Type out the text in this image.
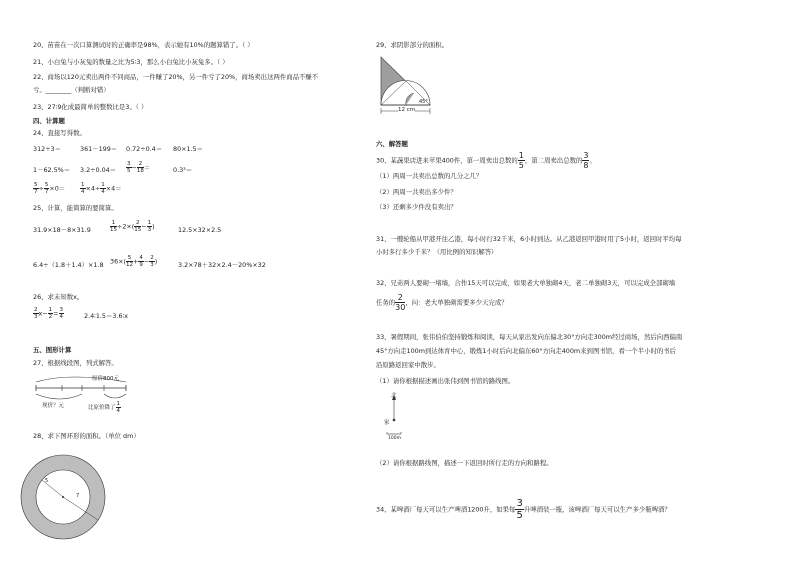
20、苗苗在一次口算测试时的正确率是98%，表示她有10%的题算错了。（ ）
21、小白兔与小灰兔的数量之比为5∶3，那么小白兔比小灰兔多。（ ）
22、商场以120元卖出两件不同商品，一件赚了20%，另一件亏了20%，商场卖出这两件商品不赚不
亏。________（判断对错）
23、27∶9化成最简单的整数比是3。（ ）
四、计算题
24、直接写得数。
312÷3＝	361－199＝ 0.72÷0.4＝ 80×1.5＝
$1-62.5\%= 3.2\div 0.04= \frac{3}{5} - \frac{2}{18}$ ＝	0.3³＝
$\frac{5}{7} \div \frac{5}{7} \times 0=$	$\frac{1}{4} \times 4\div \frac{1}{4} \times 4=$
25、计算，能简算的要简算。
31.9×18－8×31.9	$\frac{1}{15} \div 2\times( \frac{2}{15} - \frac{1}{3}$ )	12.5×32×2.5
6.4÷（1.8＋1.4）×1.8 $36\times( \frac{5}{12} + \frac{4}{9} - \frac{2}{3}$ )	3.2×78＋32×2.4－20%×32
26、求未知数x。
$\frac{2}{3} x- \frac{1}{2} = \frac{3}{4}$	2.4∶1.5＝3.6∶x
五、图形计算
27、根据线段图，列式解答。
原价800元
现价？元	比原价降了 $\frac{1}{4}$
28、求下图环形的面积。（单位 dm）
5
7
29、求阴影部分的面积。
12 cm
45°
六、解答题
30、某蔬果店进来苹果400件，第一周卖出总数的 $\frac{1}{5}$ ，第二周卖出总数的 $\frac{3}{8}$ 。
（1）两周一共卖出总数的几分之几？
（2）两周一共卖出多少件？
（3）还剩多少件没有卖出？
31、一艘轮船从甲港开往乙港，每小时行32千米，6小时到达。从乙港返回甲港时用了5小时，返回时平均每
小时多行多少千米？（用比例的知识解答）
32、兄弟两人要砌一堵墙，合作15天可以完成，如果老大单独砌4天，老二单独砌3天，可以完成全部砌墙
任务的 $\frac{2}{30}$ ，问：老大单独砌需要多少天完成？
33、暑假期间，张伟伯伯坚持锻炼和阅读，每天从家出发向东偏北30°方向走300m经过商场，然后向西偏南
45°方向走100m到达体育中心，锻炼1小时后向北偏东60°方向走400m来到图书馆，看一个半小时的书后
沿原路返回家中散步。
（1）请你根据描述画出张伟到图书馆的路线图。
北
家
100m
（2）请你根据路线图，描述一下返回时所行走的方向和路程。
34、某啤酒厂每天可以生产啤酒1200升，如果每 $\frac{3}{5}$ 升啤酒装一瓶，该啤酒厂每天可以生产多少瓶啤酒？
